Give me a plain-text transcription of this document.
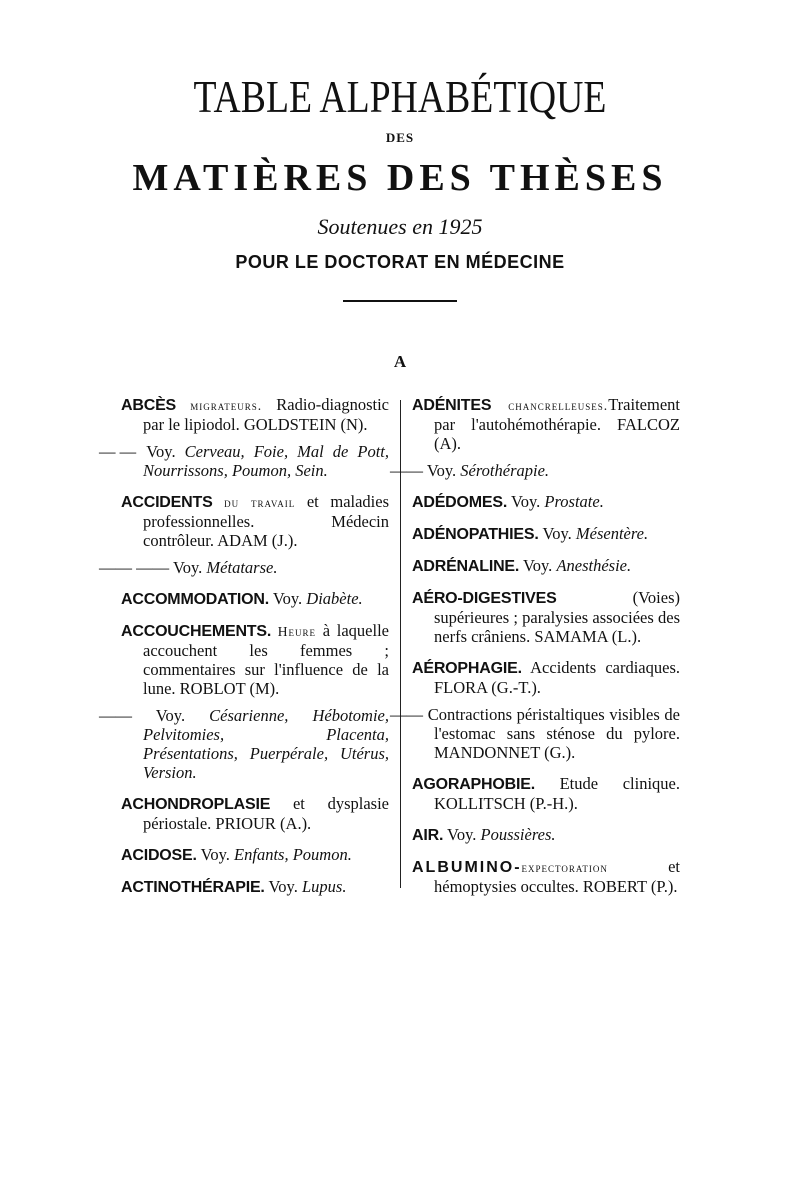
TABLE ALPHABÉTIQUE
DES
MATIÈRES DES THÈSES
Soutenues en 1925
POUR LE DOCTORAT EN MÉDECINE
A
ABCÈS migrateurs. Radio-diagnostic par le lipiodol. GOLDSTEIN (N).
— — Voy. Cerveau, Foie, Mal de Pott, Nourrissons, Poumon, Sein.
ACCIDENTS du travail et maladies professionnelles. Médecin contrôleur. ADAM (J.).
—— —— Voy. Métatarse.
ACCOMMODATION. Voy. Diabète.
ACCOUCHEMENTS. Heure à laquelle accouchent les femmes ; commentaires sur l'influence de la lune. ROBLOT (M).
—— Voy. Césarienne, Hébotomie, Pelvitomies, Placenta, Présentations, Puerpérale, Utérus, Version.
ACHONDROPLASIE et dysplasie périostale. PRIOUR (A.).
ACIDOSE. Voy. Enfants, Poumon.
ACTINOTHÉRAPIE. Voy. Lupus.
ADÉNITES chancrelleuses.Traitement par l'autohémothérapie. FALCOZ (A).
—— Voy. Sérothérapie.
ADÉDOMES. Voy. Prostate.
ADÉNOPATHIES. Voy. Mésentère.
ADRÉNALINE. Voy. Anesthésie.
AÉRO-DIGESTIVES	(Voies) supérieures ; paralysies associées des nerfs crâniens. SAMAMA (L.).
AÉROPHAGIE. Accidents cardiaques. FLORA (G.-T.).
—— Contractions péristaltiques visibles de l'estomac sans sténose du pylore. MANDONNET (G.).
AGORAPHOBIE. Etude clinique. KOLLITSCH (P.-H.).
AIR. Voy. Poussières.
ALBUMINO-expectoration	et hémoptysies occultes. ROBERT (P.).
